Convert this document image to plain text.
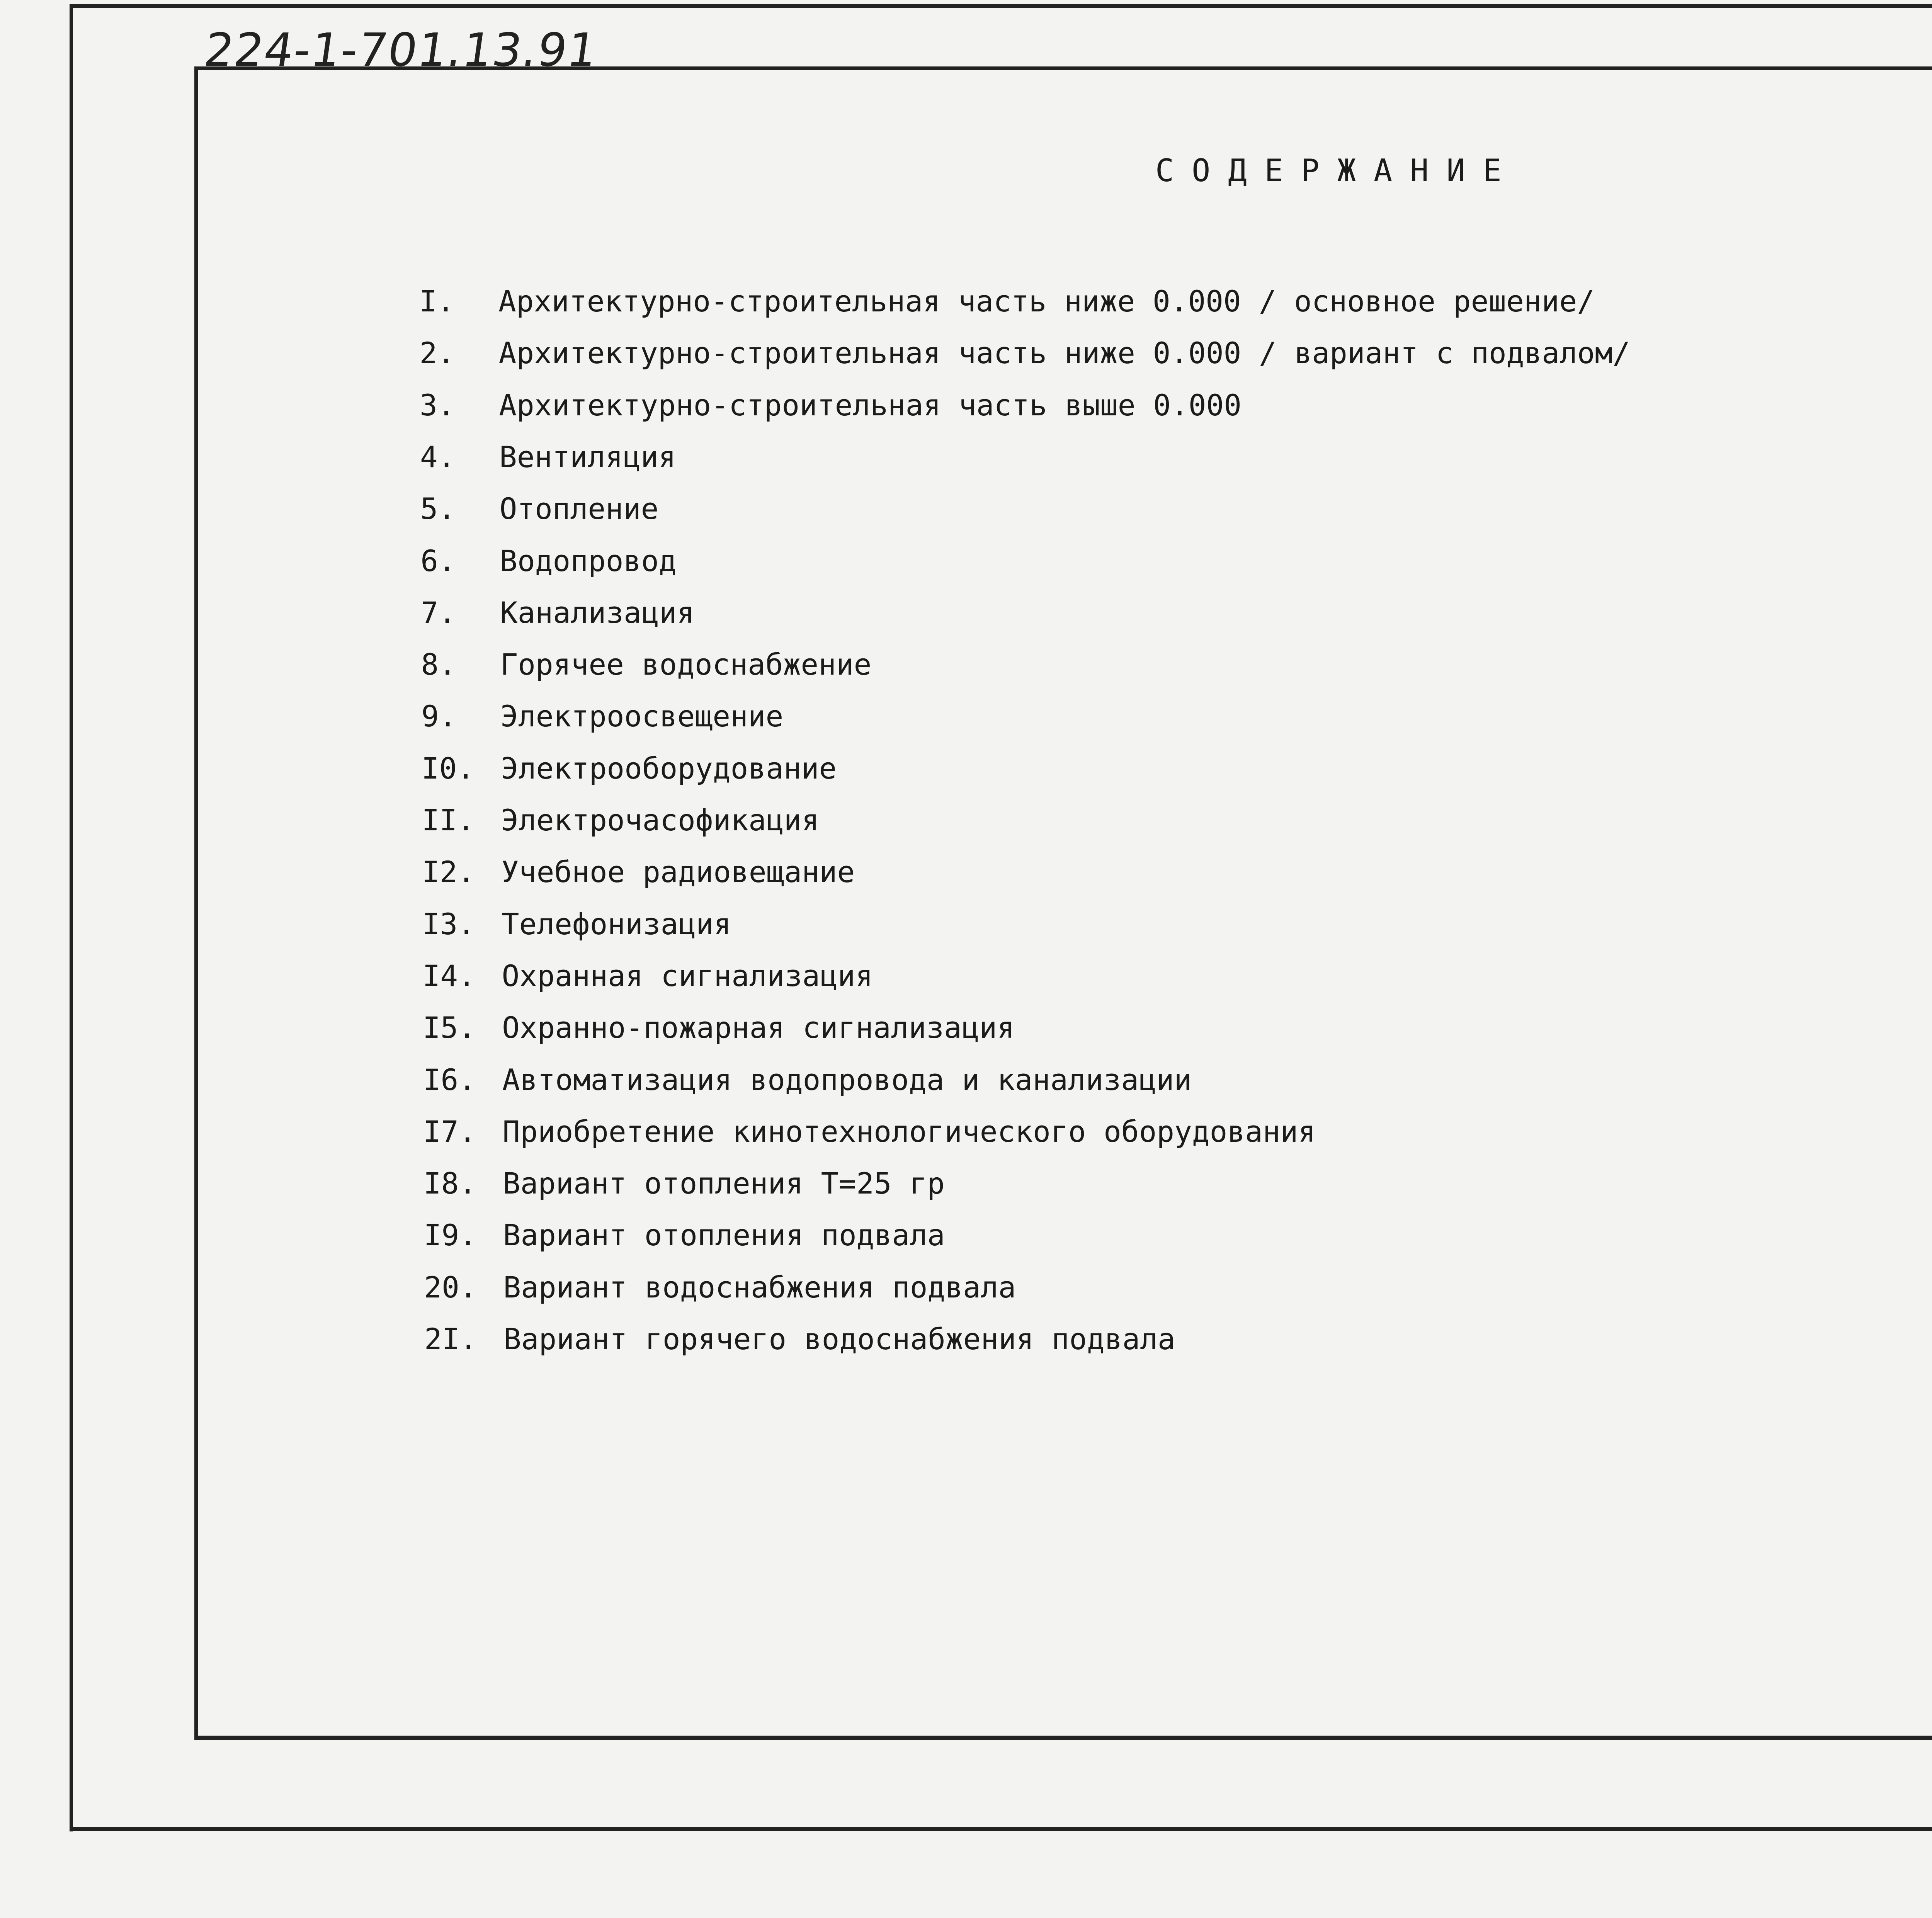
224-1-701.13.91
СОДЕРЖАНИЕ
I. Архитектурно-строительная часть ниже 0.000 / основное решение/
2. Архитектурно-строительная часть ниже 0.000 / вариант с подвалом/
3. Архитектурно-строительная часть выше 0.000
4. Вентиляция
5. Отопление
6. Водопровод
7. Канализация
8. Горячее водоснабжение
9. Электроосвещение
I0. Электрооборудование
II. Электрочасофикация
I2. Учебное радиовещание
I3. Телефонизация
I4. Охранная сигнализация
I5. Охранно-пожарная сигнализация
I6. Автоматизация водопровода и канализации
I7. Приобретение кинотехнологического оборудования
I8. Вариант отопления Т=25 гр
I9. Вариант отопления подвала
20. Вариант водоснабжения подвала
2I. Вариант горячего водоснабжения подвала
